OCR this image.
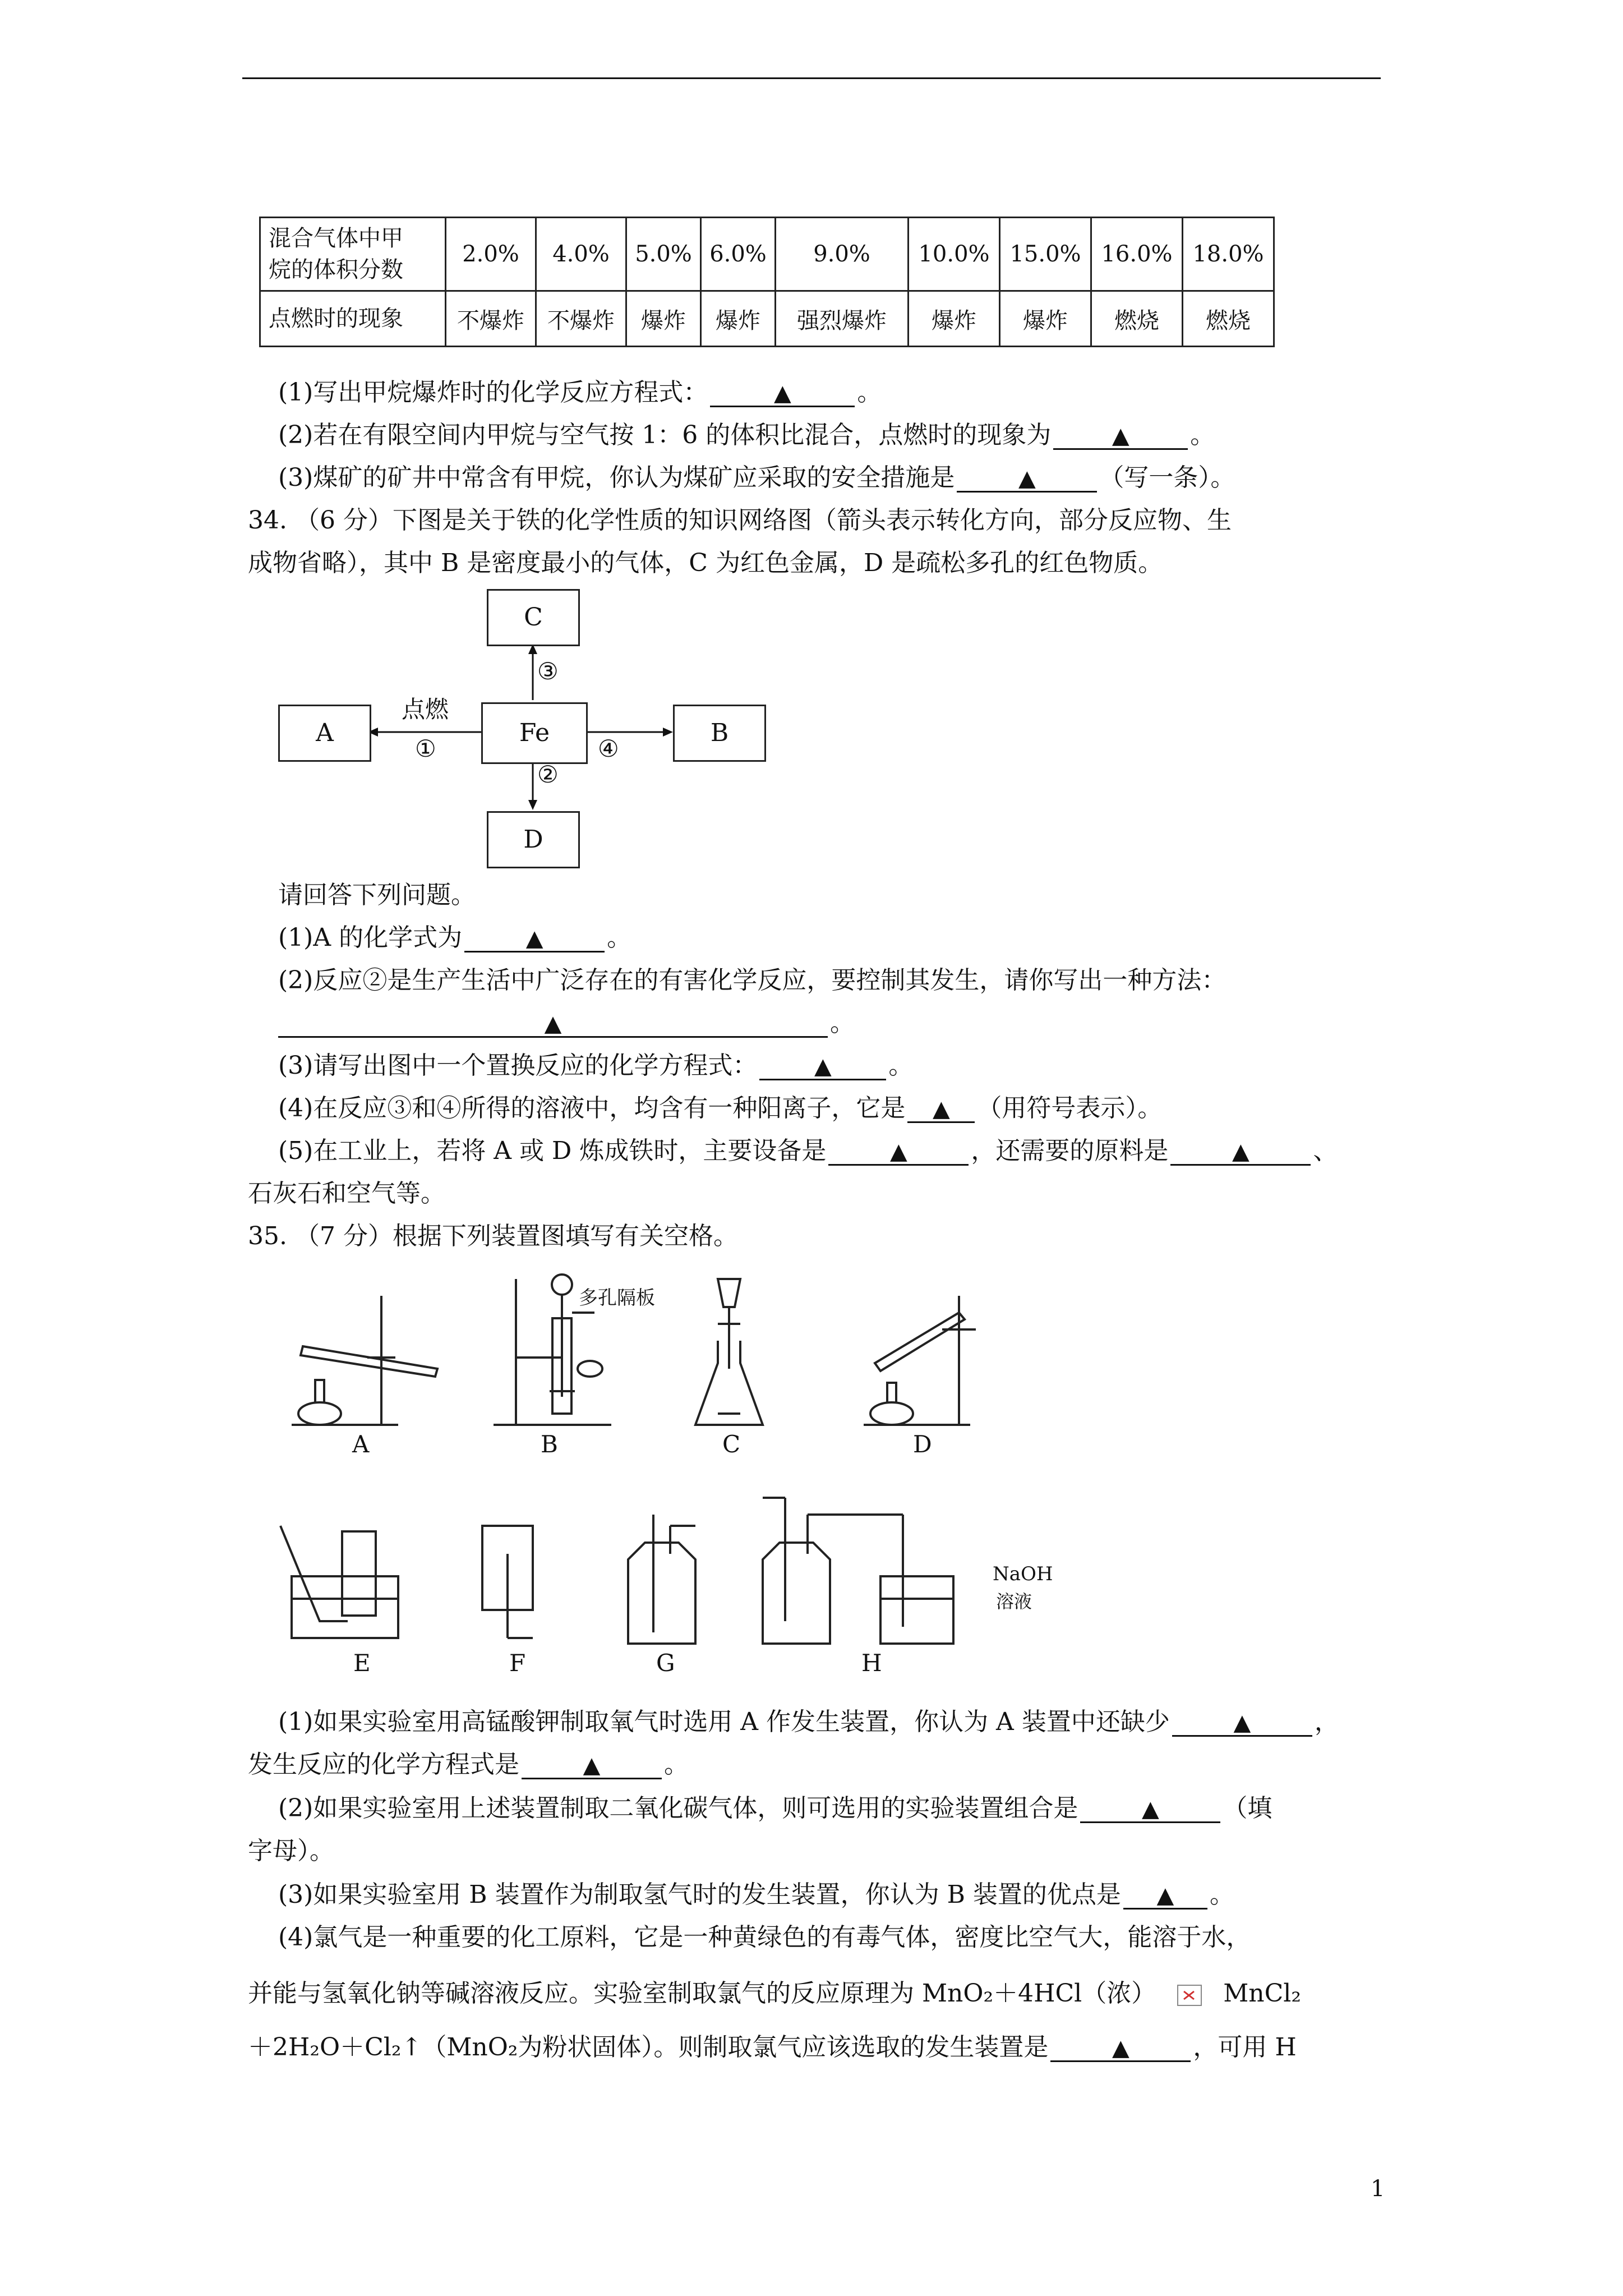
混合气体中甲
烷的体积分数	2.0%	4.0%	5.0%	6.0%	9.0%	10.0%	15.0%	16.0%	18.0%
点燃时的现象	不爆炸	不爆炸	爆炸	爆炸	强烈爆炸	爆炸	爆炸	燃烧	燃烧
(1)写出甲烷爆炸时的化学反应方程式：	▲	。
(2)若在有限空间内甲烷与空气按 1：6 的体积比混合，点燃时的现象为	▲ 。
(3)煤矿的矿井中常含有甲烷，你认为煤矿应采取的安全措施是	▲	（写一条）。
34. （6 分）下图是关于铁的化学性质的知识网络图（箭头表示转化方向，部分反应物、生
成物省略），其中 B 是密度最小的气体，C 为红色金属，D 是疏松多孔的红色物质。
C
Fe
A	B
D
点燃
①
②
③
④
请回答下列问题。
(1)A 的化学式为	▲	。
(2)反应②是生产生活中广泛存在的有害化学反应，要控制其发生，请你写出一种方法：
▲	。
(3)请写出图中一个置换反应的化学方程式：	▲ 。
(4)在反应③和④所得的溶液中，均含有一种阳离子，它是 ▲ （用符号表示）。
(5)在工业上，若将 A 或 D 炼成铁时，主要设备是	▲	，还需要的原料是	▲	、
石灰石和空气等。
35. （7 分）根据下列装置图填写有关空格。
多孔隔板
A	B	C	D
NaOH
溶液
E	F	G	H
(1)如果实验室用高锰酸钾制取氧气时选用 A 作发生装置，你认为 A 装置中还缺少	▲	，
发生反应的化学方程式是	▲	。
(2)如果实验室用上述装置制取二氧化碳气体，则可选用的实验装置组合是	▲	（填
字母）。
(3)如果实验室用 B 装置作为制取氢气时的发生装置，你认为 B 装置的优点是 ▲ 。
(4)氯气是一种重要的化工原料，它是一种黄绿色的有毒气体，密度比空气大，能溶于水，
并能与氢氧化钠等碱溶液反应。实验室制取氯气的反应原理为 MnO₂＋4HCl（浓）	MnCl₂
＋2H₂O＋Cl₂↑（MnO₂为粉状固体）。则制取氯气应该选取的发生装置是	▲	，可用 H
1
